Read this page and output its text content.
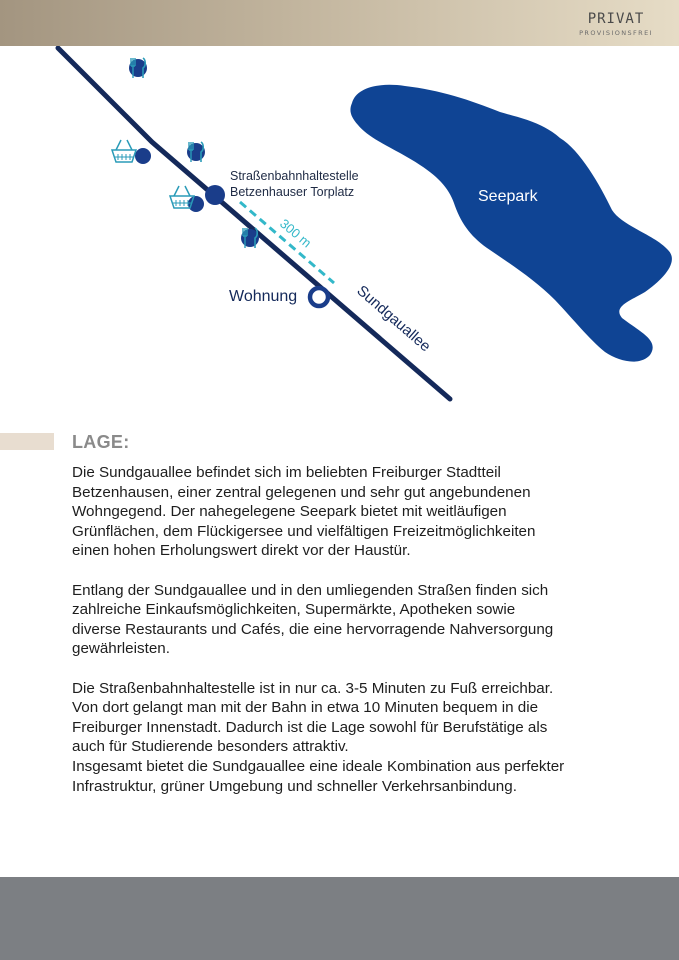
PRIVAT
PROVISIONSFREI
Seepark
300 m
Straßenbahnhaltestelle
Betzenhauser Torplatz
Wohnung	Sundgauallee
LAGE:

Die Sundgauallee befindet sich im beliebten Freiburger Stadtteil
Betzenhausen, einer zentral gelegenen und sehr gut angebundenen
Wohngegend. Der nahegelegene Seepark bietet mit weitläufigen
Grünflächen, dem Flückigersee und vielfältigen Freizeitmöglichkeiten
einen hohen Erholungswert direkt vor der Haustür.

Entlang der Sundgauallee und in den umliegenden Straßen finden sich
zahlreiche Einkaufsmöglichkeiten, Supermärkte, Apotheken sowie
diverse Restaurants und Cafés, die eine hervorragende Nahversorgung
gewährleisten.

Die Straßenbahnhaltestelle ist in nur ca. 3-5 Minuten zu Fuß erreichbar.
Von dort gelangt man mit der Bahn in etwa 10 Minuten bequem in die
Freiburger Innenstadt. Dadurch ist die Lage sowohl für Berufstätige als
auch für Studierende besonders attraktiv.
Insgesamt bietet die Sundgauallee eine ideale Kombination aus perfekter
Infrastruktur, grüner Umgebung und schneller Verkehrsanbindung.
